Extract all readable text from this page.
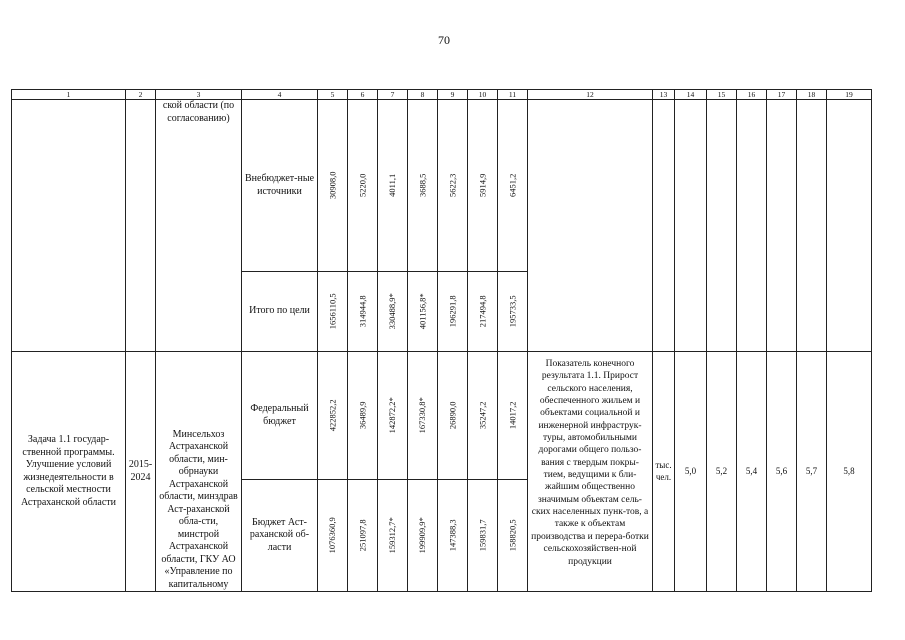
70
1	2	3	4	5	6	7	8	9	10	11	12	13	14	15	16	17	18	19
		ской области (по согласованию)	Внебюджет-ные источники	30908,0	5220,0	4011,1	3688,5	5622,3	5914,9	6451,2								

			Итого по цели	1656110,5	314944,8	330488,9*	401156,8*	196291,8	217494,8	195733,5								

Задача 1.1 государ-ственной программы. Улучшение условий жизнедеятельности в сельской местности Астраханской области	2015-2024	Минсельхоз Астраханской области, мин-обрнауки Астраханской области, минздрав Аст-раханской обла-сти, минстрой Астраханской области, ГКУ АО «Управление по капитальному	Федеральный бюджет	422852,2	36489,9	142872,2*	167330,8*	26890,0	35247,2	14017,2	Показатель конечного результата 1.1. Прирост сельского населения, обеспеченного жильем и объектами социальной и инженерной инфраструк-туры, автомобильными дорогами общего пользо-вания с твердым покры-тием, ведущими к бли-жайшим общественно значимым объектам сель-ских населенных пунк-тов, а также к объектам производства и перера-ботки сельскохозяйствен-ной продукции	тыс. чел.	5,0	5,2	5,4	5,6	5,7	5,8
			Бюджет Аст-раханской об-ласти	1076360,9	251097,8	159312,7*	199909,9*	147388,3	159831,7	158820,5								
